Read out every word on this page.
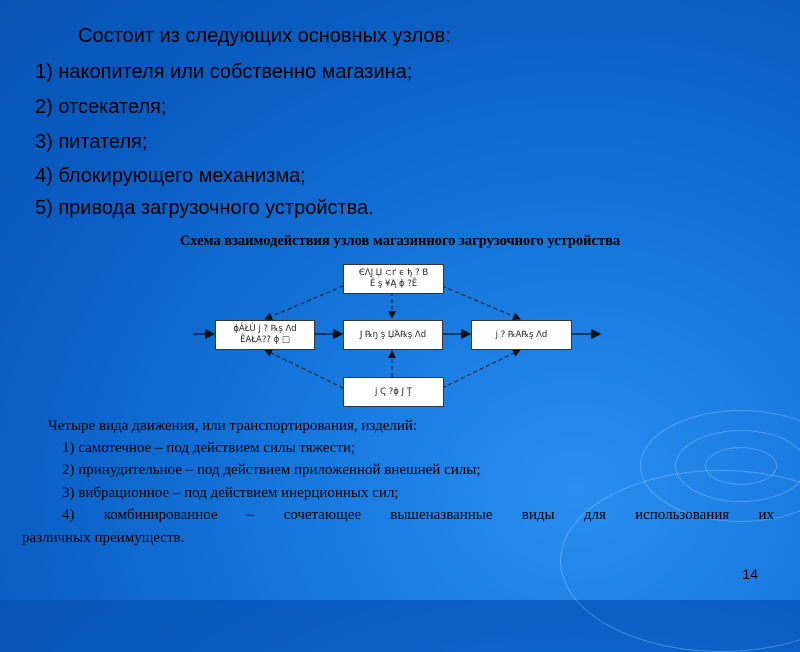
Состоит из следующих основных узлов:
1) накопителя или собственно магазина;
2) отсекателя;
3) питателя;
4) блокирующего механизма;
5) привода загрузочного устройства.
Схема взаимодействия узлов магазинного загрузочного устройства
ЄΛЈ Џ ⊂ґ ϵ ђ ? В
Ẽ ş ¥Ą ϕ ?Ẽ
ϕÀŁÙ ј ? ℞ş Λd
ẼΑŁΑ?? ϕ □
Ј ℞ŋ ş ЏΆ℞ş Λd	ј ? ℞Α℞ş Λd
ј Ҁ ?ϕ Ј Ţ
Четыре вида движения, или транспортирования, изделий:
1) самотечное – под действием силы тяжести;
2) принудительное – под действием приложенной внешней силы;
3) вибрационное – под действием инерционных сил;
4) комбинированное – сочетающее вышеназванные виды для использования их
различных преимуществ.
14
